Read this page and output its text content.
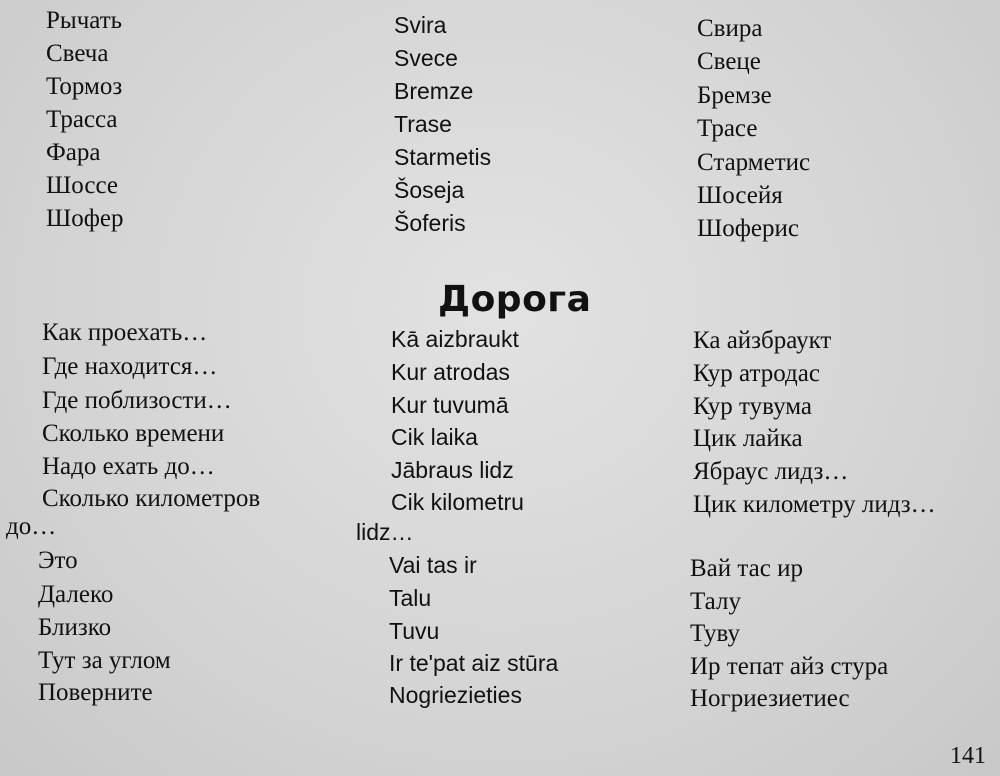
Рычать
Свеча
Тормоз
Трасса
Фара
Шоссе
Шофер
Svira
Svece
Bremze
Trase
Starmetis
Šoseja
Šoferis
Свира
Свеце
Бремзе
Трасе
Старметис
Шосейя
Шоферис
Дорога
Как проехать…
Где находится…
Где поблизости…
Сколько времени
Надо ехать до…
Сколько километров
до…
Это
Далеко
Близко
Тут за углом
Поверните
Kā aizbraukt
Kur atrodas
Kur tuvumā
Cik laika
Jābraus lidz
Cik kilometru
lidz…
Vai tas ir
Talu
Tuvu
Ir te'pat aiz stūra
Nogriezieties
Ка айзбраукт
Кур атродас
Кур тувума
Цик лайка
Ябраус лидз…
Цик километру лидз…
Вай тас ир
Талу
Туву
Ир тепат айз стура
Ногриезиетиес
141
